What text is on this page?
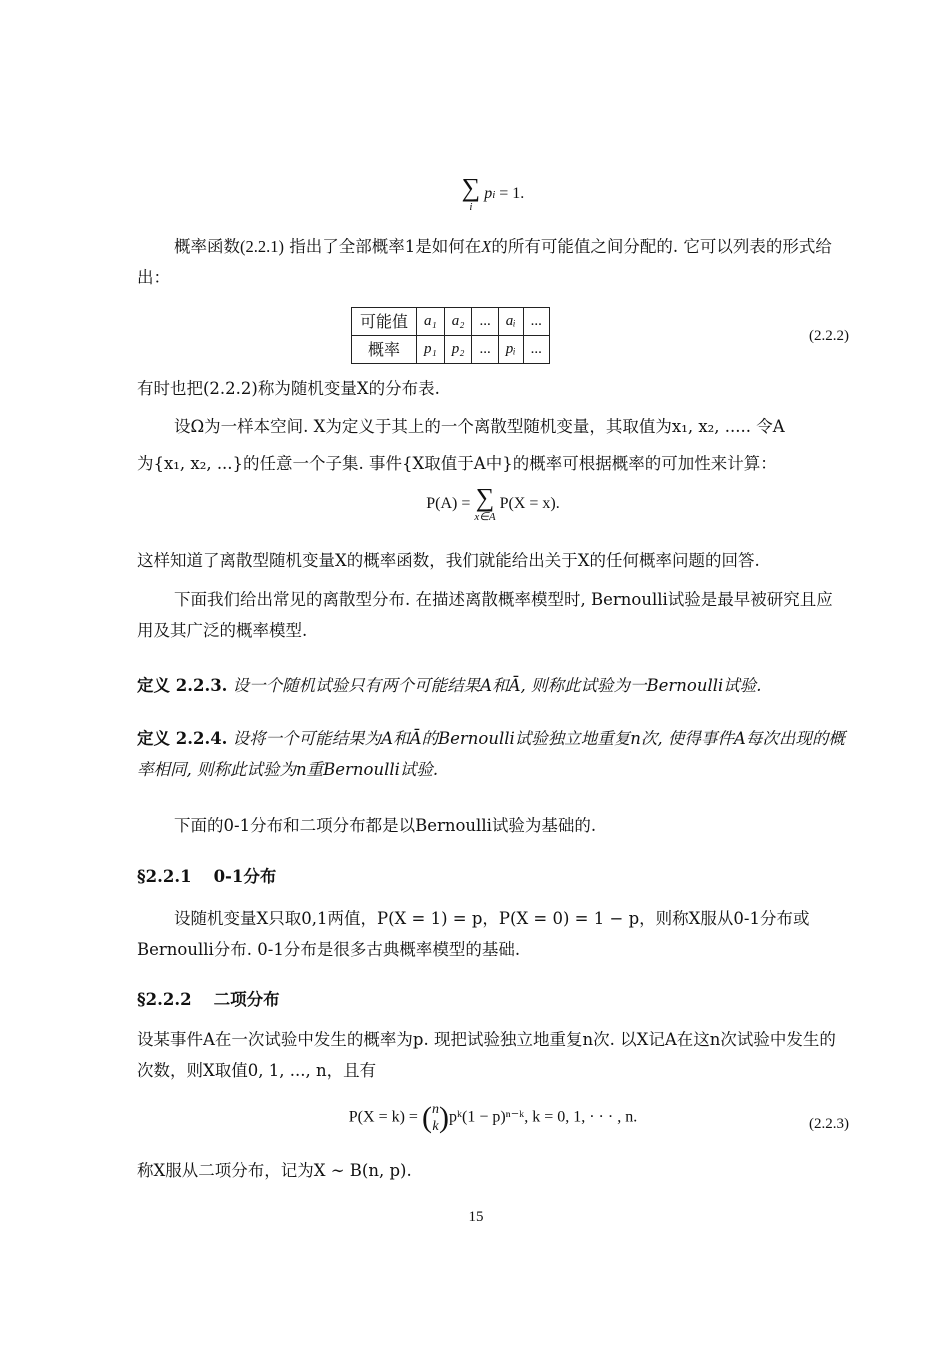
∑
i
pi = 1.

概率函数(2.2.1) 指出了全部概率1是如何在X的所有可能值之间分配的. 它可以列表的形式给出：

可能值	a₁	a₂	...	aᵢ	...
概率	p₁	p₂	...	pᵢ	...
(2.2.2)

有时也把(2.2.2)称为随机变量X的分布表.

设Ω为一样本空间. X为定义于其上的一个离散型随机变量，其取值为x₁, x₂, ..... 令A

为{x₁, x₂, ...}的任意一个子集. 事件{X取值于A中}的概率可根据概率的可加性来计算：

P(A) = ∑
x∈A
P(X = x).

这样知道了离散型随机变量X的概率函数，我们就能给出关于X的任何概率问题的回答.

下面我们给出常见的离散型分布. 在描述离散概率模型时, Bernoulli试验是最早被研究且应用及其广泛的概率模型.

定义 2.2.3. 设一个随机试验只有两个可能结果A和Ā, 则称此试验为一Bernoulli试验.

定义 2.2.4. 设将一个可能结果为A和Ā的Bernoulli试验独立地重复n次, 使得事件A每次出现的概率相同, 则称此试验为n重Bernoulli试验.

下面的0-1分布和二项分布都是以Bernoulli试验为基础的.

§2.2.1 0-1分布

设随机变量X只取0,1两值，P(X = 1) = p，P(X = 0) = 1 − p，则称X服从0-1分布或Bernoulli分布. 0-1分布是很多古典概率模型的基础.

§2.2.2 二项分布

设某事件A在一次试验中发生的概率为p. 现把试验独立地重复n次. 以X记A在这n次试验中发生的次数，则X取值0, 1, ..., n，且有

P(X = k) = (n
k)pᵏ(1 − p)ⁿ⁻ᵏ, k = 0, 1, · · · , n.	(2.2.3)

称X服从二项分布，记为X ∼ B(n, p).

15
